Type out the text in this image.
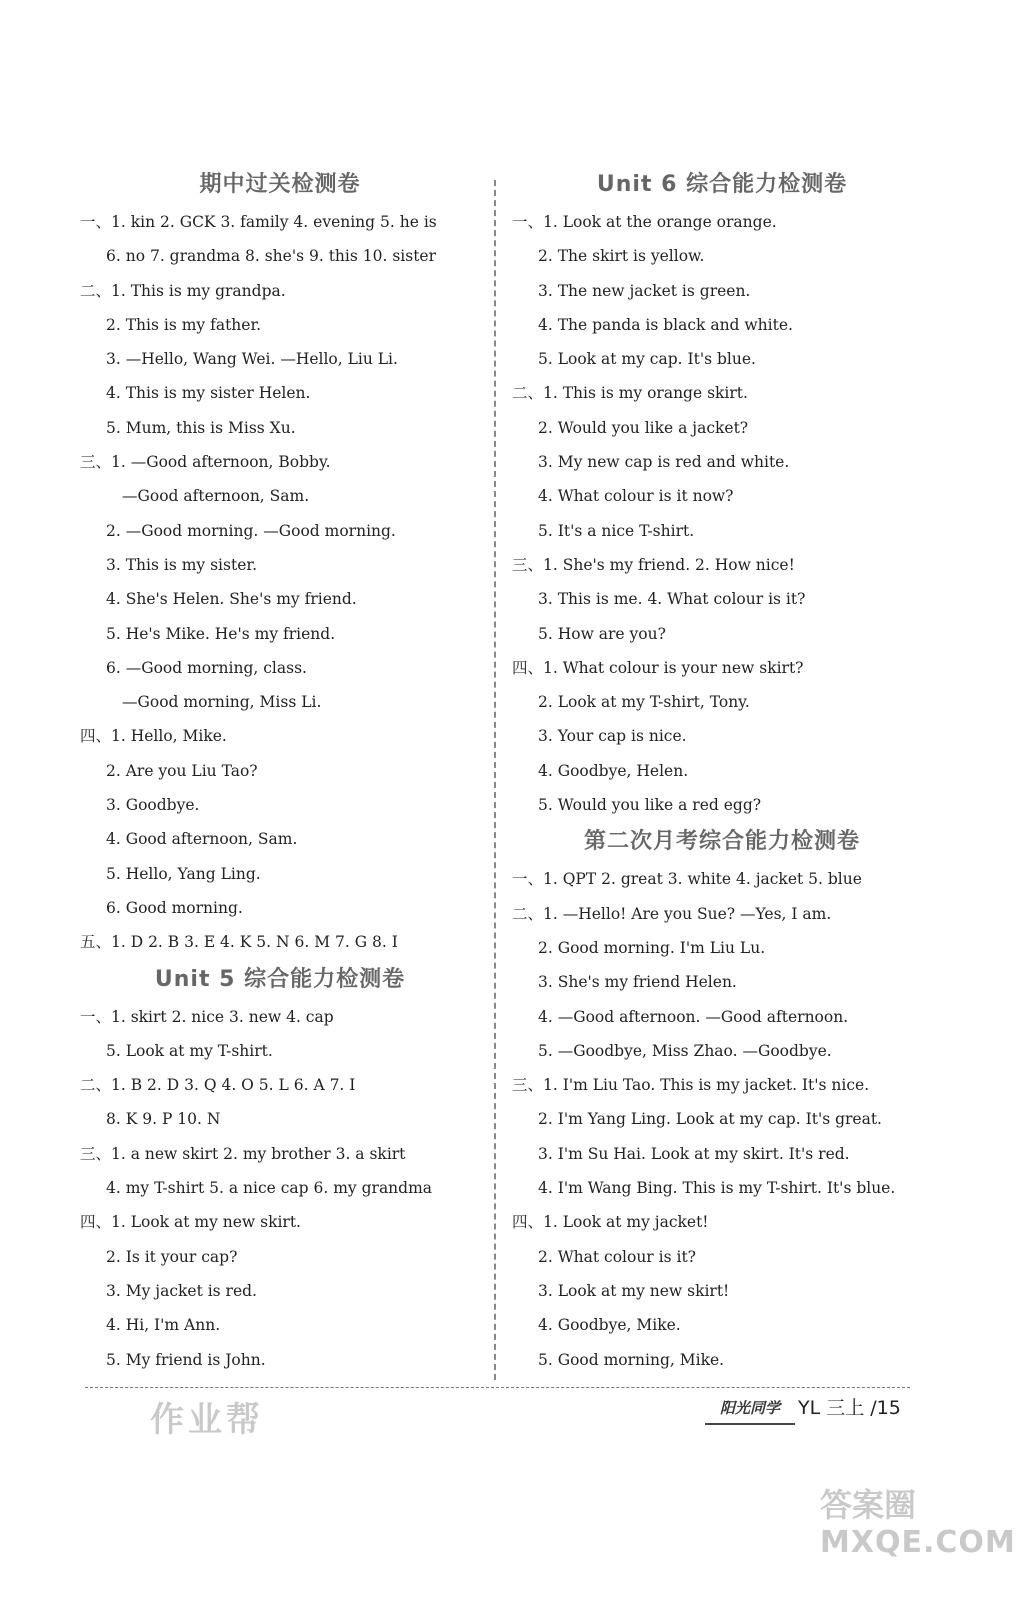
期中过关检测卷
一、1. kin 2. GCK 3. family 4. evening 5. he is
6. no 7. grandma 8. she's 9. this 10. sister
二、1. This is my grandpa.
2. This is my father.
3. —Hello, Wang Wei. —Hello, Liu Li.
4. This is my sister Helen.
5. Mum, this is Miss Xu.
三、1. —Good afternoon, Bobby.
—Good afternoon, Sam.
2. —Good morning. —Good morning.
3. This is my sister.
4. She's Helen. She's my friend.
5. He's Mike. He's my friend.
6. —Good morning, class.
—Good morning, Miss Li.
四、1. Hello, Mike.
2. Are you Liu Tao?
3. Goodbye.
4. Good afternoon, Sam.
5. Hello, Yang Ling.
6. Good morning.
五、1. D 2. B 3. E 4. K 5. N 6. M 7. G 8. I
Unit 5 综合能力检测卷
一、1. skirt 2. nice 3. new 4. cap
5. Look at my T-shirt.
二、1. B 2. D 3. Q 4. O 5. L 6. A 7. I
8. K 9. P 10. N
三、1. a new skirt 2. my brother 3. a skirt
4. my T-shirt 5. a nice cap 6. my grandma
四、1. Look at my new skirt.
2. Is it your cap?
3. My jacket is red.
4. Hi, I'm Ann.
5. My friend is John.
Unit 6 综合能力检测卷
一、1. Look at the orange orange.
2. The skirt is yellow.
3. The new jacket is green.
4. The panda is black and white.
5. Look at my cap. It's blue.
二、1. This is my orange skirt.
2. Would you like a jacket?
3. My new cap is red and white.
4. What colour is it now?
5. It's a nice T-shirt.
三、1. She's my friend. 2. How nice!
3. This is me. 4. What colour is it?
5. How are you?
四、1. What colour is your new skirt?
2. Look at my T-shirt, Tony.
3. Your cap is nice.
4. Goodbye, Helen.
5. Would you like a red egg?
第二次月考综合能力检测卷
一、1. QPT 2. great 3. white 4. jacket 5. blue
二、1. —Hello! Are you Sue? —Yes, I am.
2. Good morning. I'm Liu Lu.
3. She's my friend Helen.
4. —Good afternoon. —Good afternoon.
5. —Goodbye, Miss Zhao. —Goodbye.
三、1. I'm Liu Tao. This is my jacket. It's nice.
2. I'm Yang Ling. Look at my cap. It's great.
3. I'm Su Hai. Look at my skirt. It's red.
4. I'm Wang Bing. This is my T-shirt. It's blue.
四、1. Look at my jacket!
2. What colour is it?
3. Look at my new skirt!
4. Goodbye, Mike.
5. Good morning, Mike.
阳光同学 YL 三上 /15
作业帮
答案圈
MXQE.COM
